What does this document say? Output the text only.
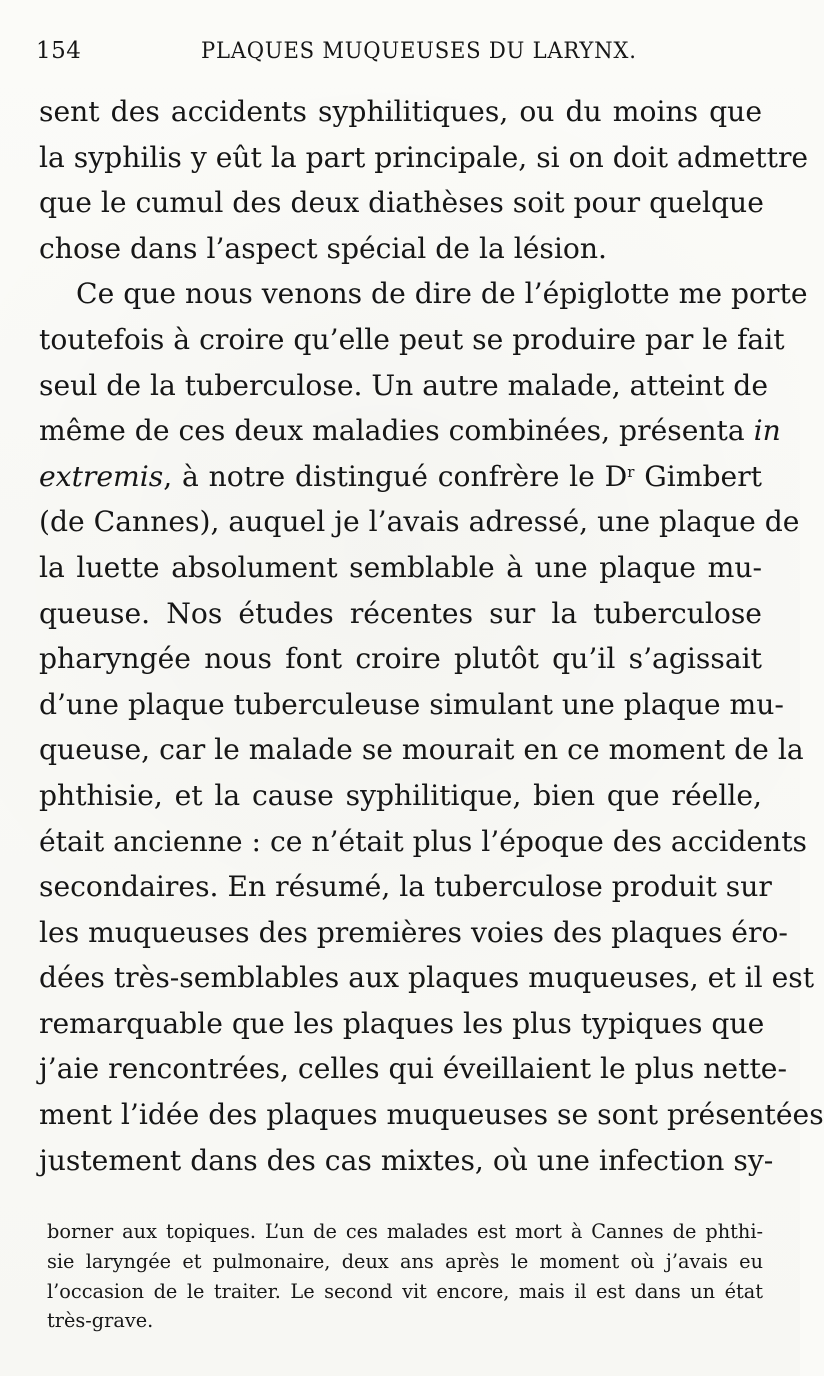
154	PLAQUES MUQUEUSES DU LARYNX.
sent des accidents syphilitiques, ou du moins que
la syphilis y eût la part principale, si on doit admettre
que le cumul des deux diathèses soit pour quelque
chose dans l’aspect spécial de la lésion.
Ce que nous venons de dire de l’épiglotte me porte
toutefois à croire qu’elle peut se produire par le fait
seul de la tuberculose. Un autre malade, atteint de
même de ces deux maladies combinées, présenta in
extremis, à notre distingué confrère le $D^r$ Gimbert
(de Cannes), auquel je l’avais adressé, une plaque de
la luette absolument semblable à une plaque mu-
queuse. Nos études récentes sur la tuberculose
pharyngée nous font croire plutôt qu’il s’agissait
d’une plaque tuberculeuse simulant une plaque mu-
queuse, car le malade se mourait en ce moment de la
phthisie, et la cause syphilitique, bien que réelle,
était ancienne : ce n’était plus l’époque des accidents
secondaires. En résumé, la tuberculose produit sur
les muqueuses des premières voies des plaques éro-
dées très-semblables aux plaques muqueuses, et il est
remarquable que les plaques les plus typiques que
j’aie rencontrées, celles qui éveillaient le plus nette-
ment l’idée des plaques muqueuses se sont présentées
justement dans des cas mixtes, où une infection sy-
borner aux topiques. L’un de ces malades est mort à Cannes de phthi-
sie laryngée et pulmonaire, deux ans après le moment où j’avais eu
l’occasion de le traiter. Le second vit encore, mais il est dans un état
très-grave.
